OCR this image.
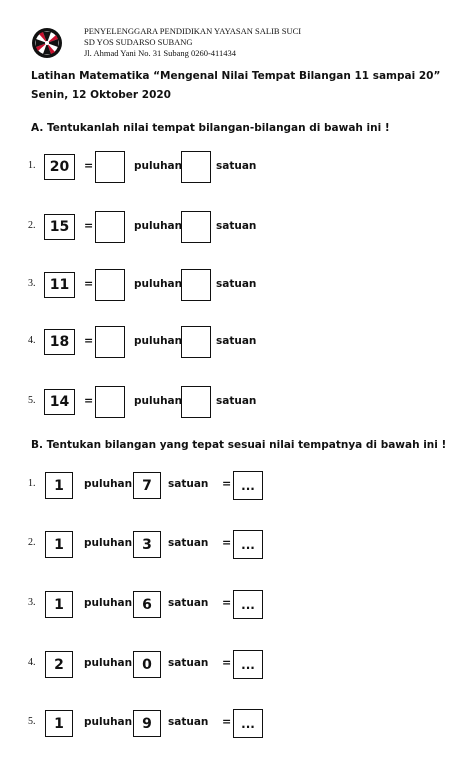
PENYELENGGARA PENDIDIKAN YAYASAN SALIB SUCI
SD YOS SUDARSO SUBANG
Jl. Ahmad Yani No. 31 Subang 0260-411434
Latihan Matematika “Mengenal Nilai Tempat Bilangan 11 sampai 20”
Senin, 12 Oktober 2020
A. Tentukanlah nilai tempat bilangan-bilangan di bawah ini !
1.	20	=	puluhan	satuan
2.	15	=	puluhan	satuan
3.	11	=	puluhan	satuan
4.	18	=	puluhan	satuan
5.	14	=	puluhan	satuan
B. Tentukan bilangan yang tepat sesuai nilai tempatnya di bawah ini !
1.	1	puluhan 7	satuan = ...
2.	1	puluhan 3	satuan = ...
3.	1	puluhan 6	satuan = ...
4.	2	puluhan 0	satuan = ...
5.	1	puluhan 9	satuan = ...
